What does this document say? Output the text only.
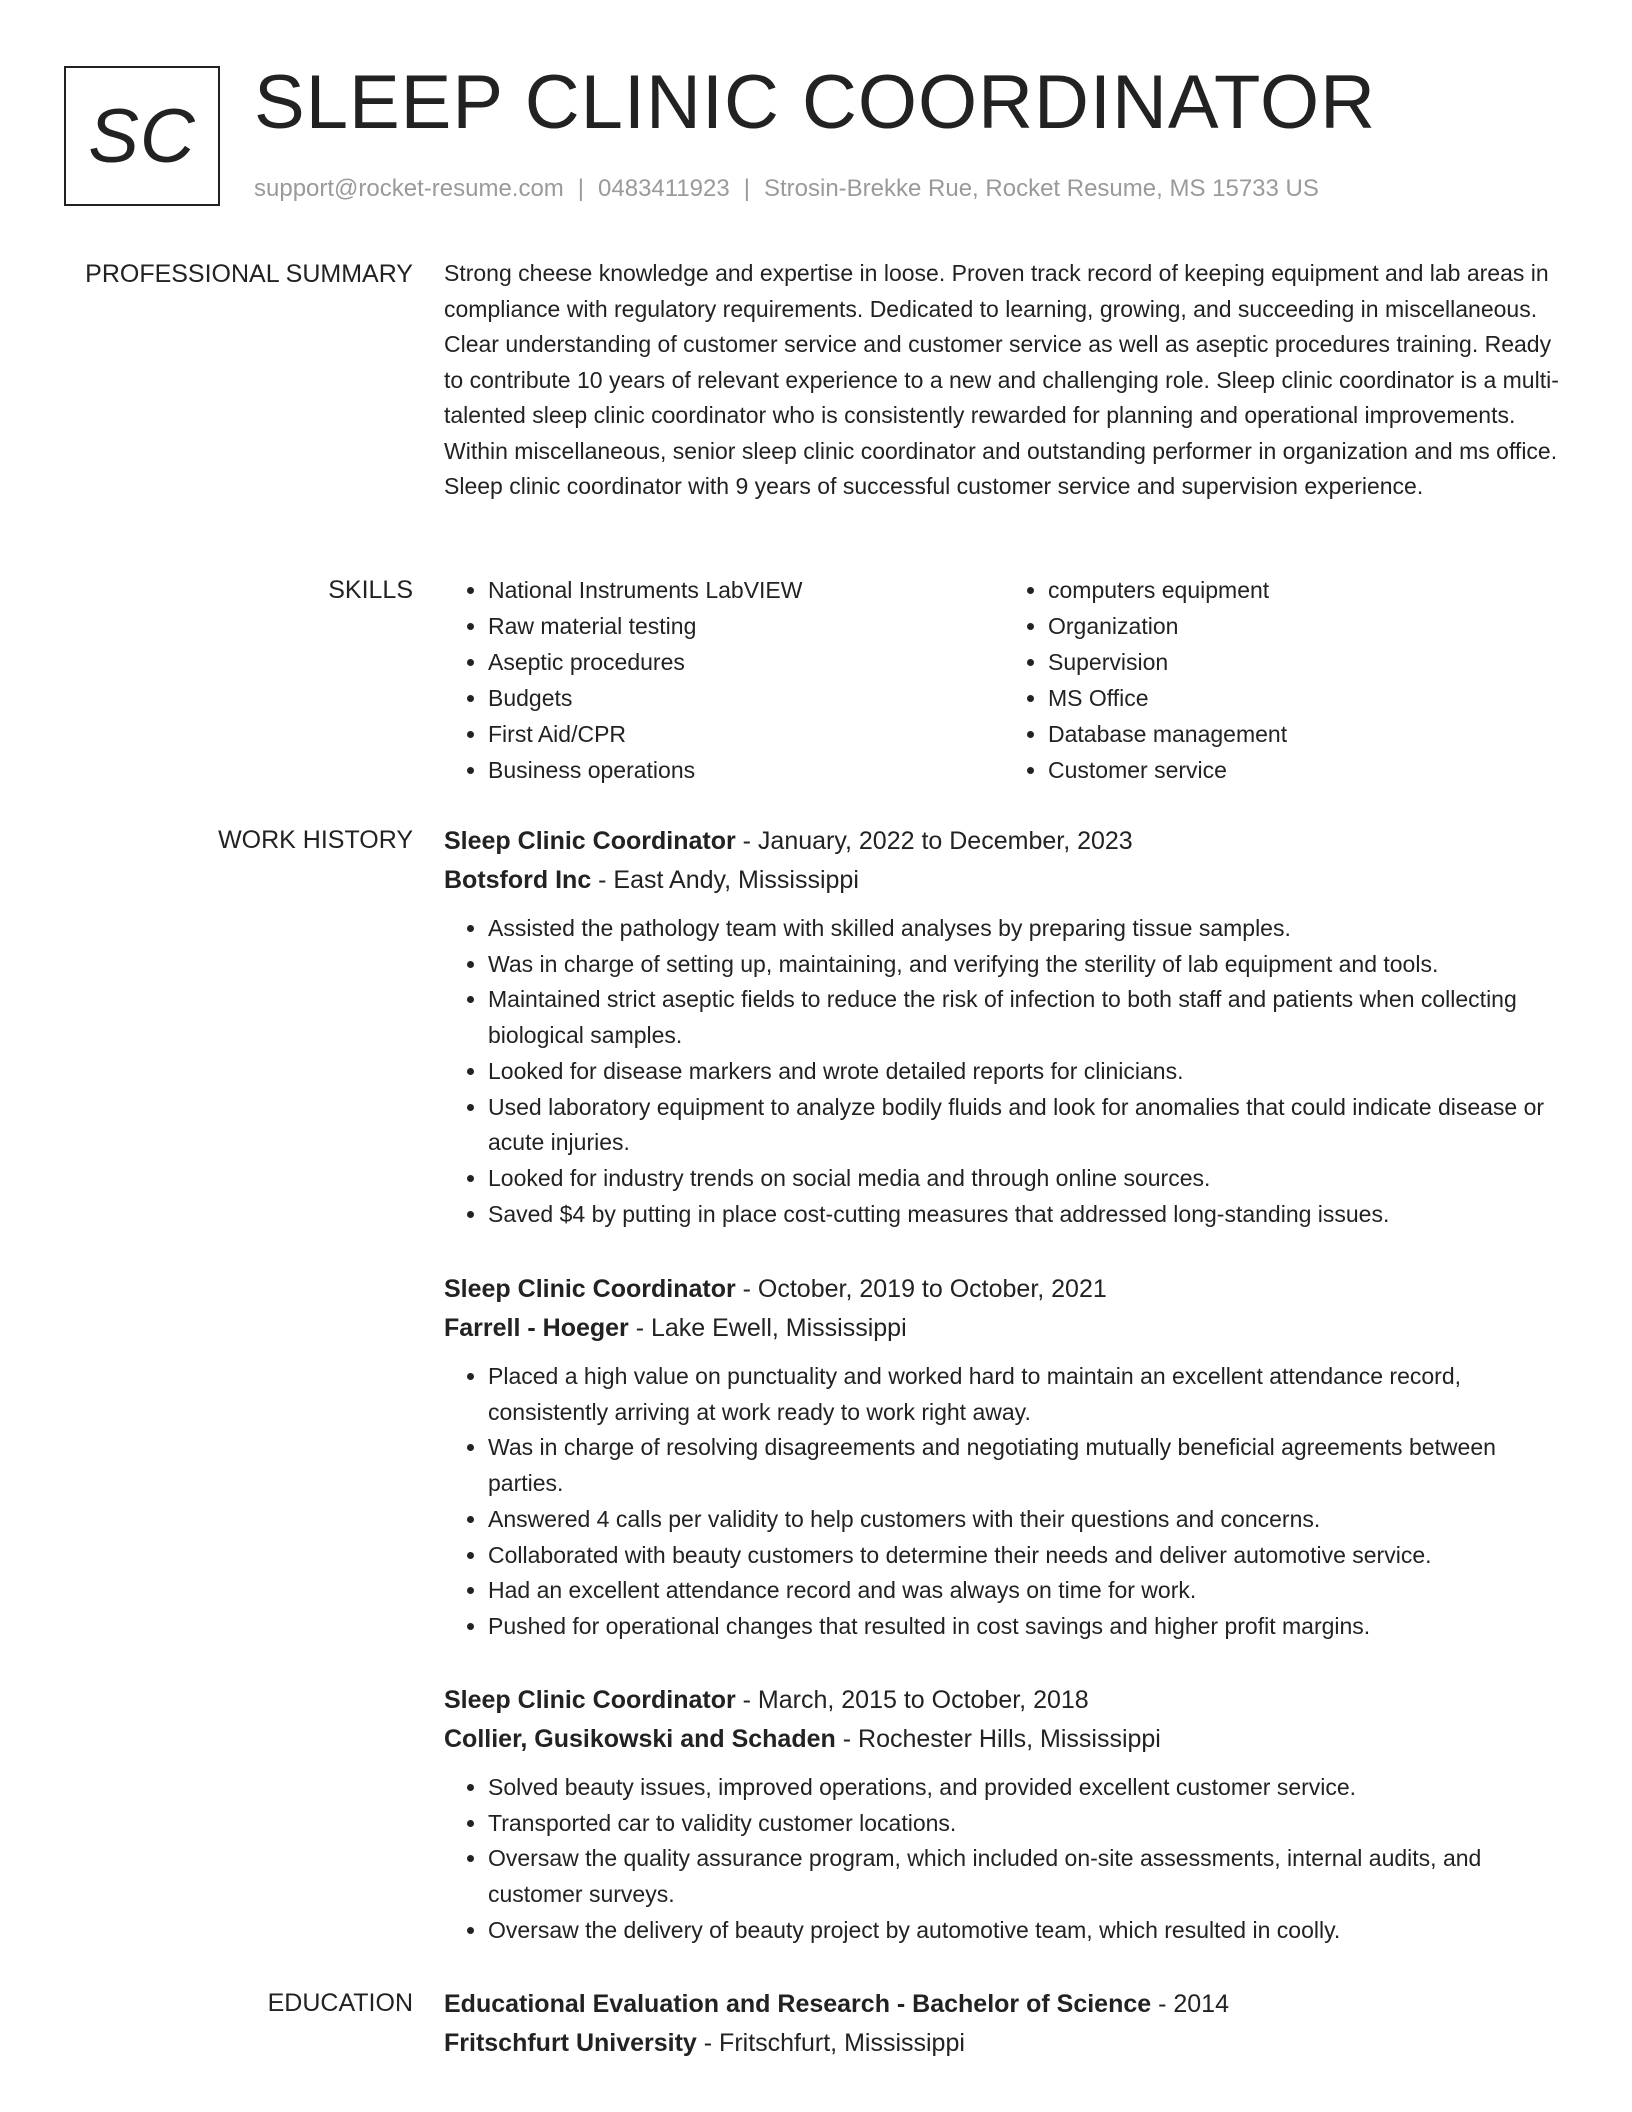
SC SLEEP CLINIC COORDINATOR
support@rocket-resume.com | 0483411923 | Strosin-Brekke Rue, Rocket Resume, MS 15733 US
PROFESSIONAL SUMMARY Strong cheese knowledge and expertise in loose. Proven track record of keeping equipment and lab areas in compliance with regulatory requirements. Dedicated to learning, growing, and succeeding in miscellaneous. Clear understanding of customer service and customer service as well as aseptic procedures training. Ready to contribute 10 years of relevant experience to a new and challenging role. Sleep clinic coordinator is a multi-talented sleep clinic coordinator who is consistently rewarded for planning and operational improvements. Within miscellaneous, senior sleep clinic coordinator and outstanding performer in organization and ms office. Sleep clinic coordinator with 9 years of successful customer service and supervision experience.

SKILLS
•	National Instruments LabVIEW
• Raw material testing
• Aseptic procedures
• Budgets
• First Aid/CPR
• Business operations
• computers equipment
• Organization
• Supervision
• MS Office
• Database management
• Customer service
WORK HISTORY Sleep Clinic Coordinator - January, 2022 to December, 2023
Botsford Inc - East Andy, Mississippi
• Assisted the pathology team with skilled analyses by preparing tissue samples.
• Was in charge of setting up, maintaining, and verifying the sterility of lab equipment and tools.
• Maintained strict aseptic fields to reduce the risk of infection to both staff and patients when collecting biological samples.
• Looked for disease markers and wrote detailed reports for clinicians.
• Used laboratory equipment to analyze bodily fluids and look for anomalies that could indicate disease or acute injuries.
• Looked for industry trends on social media and through online sources.
• Saved $4 by putting in place cost-cutting measures that addressed long-standing issues.
Sleep Clinic Coordinator - October, 2019 to October, 2021
Farrell - Hoeger - Lake Ewell, Mississippi
• Placed a high value on punctuality and worked hard to maintain an excellent attendance record, consistently arriving at work ready to work right away.
• Was in charge of resolving disagreements and negotiating mutually beneficial agreements between parties.
• Answered 4 calls per validity to help customers with their questions and concerns.
• Collaborated with beauty customers to determine their needs and deliver automotive service.
• Had an excellent attendance record and was always on time for work.
• Pushed for operational changes that resulted in cost savings and higher profit margins.
Sleep Clinic Coordinator - March, 2015 to October, 2018
Collier, Gusikowski and Schaden - Rochester Hills, Mississippi
• Solved beauty issues, improved operations, and provided excellent customer service.
• Transported car to validity customer locations.
• Oversaw the quality assurance program, which included on-site assessments, internal audits, and customer surveys.
• Oversaw the delivery of beauty project by automotive team, which resulted in coolly.
EDUCATION Educational Evaluation and Research - Bachelor of Science - 2014
Fritschfurt University - Fritschfurt, Mississippi
